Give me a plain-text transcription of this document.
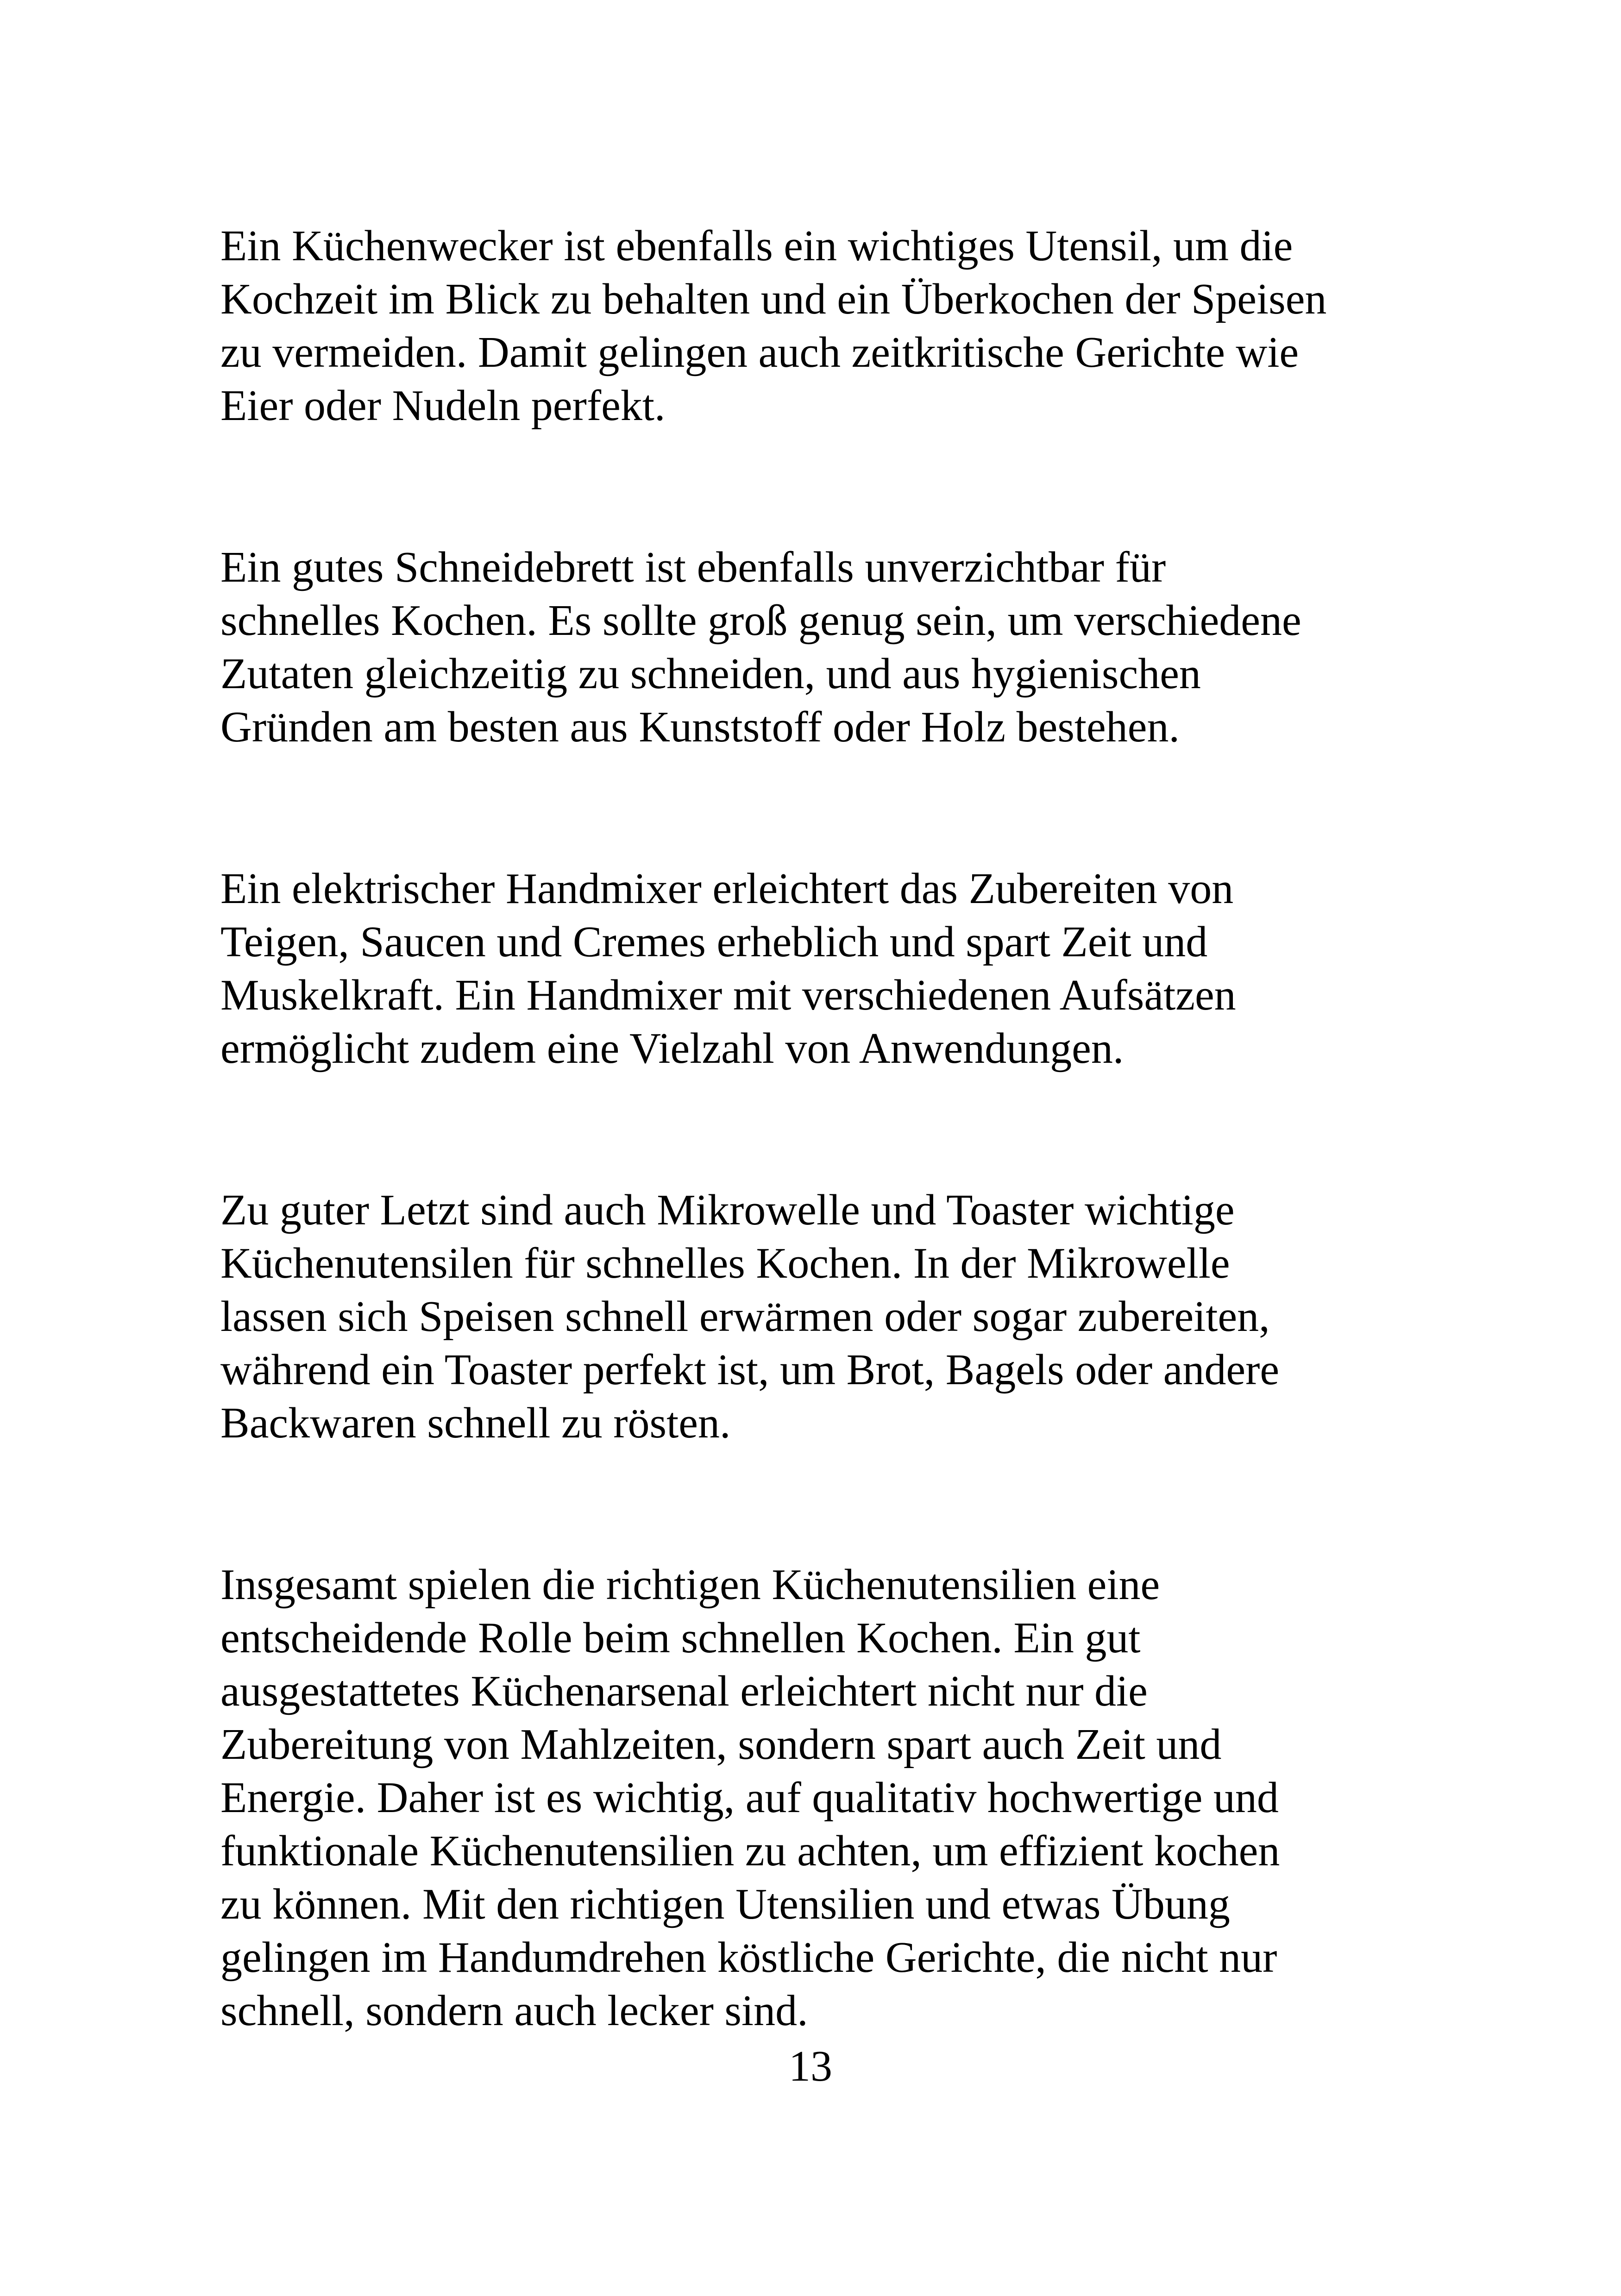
Ein Küchenwecker ist ebenfalls ein wichtiges Utensil, um die
Kochzeit im Blick zu behalten und ein Überkochen der Speisen
zu vermeiden. Damit gelingen auch zeitkritische Gerichte wie
Eier oder Nudeln perfekt.

Ein gutes Schneidebrett ist ebenfalls unverzichtbar für
schnelles Kochen. Es sollte groß genug sein, um verschiedene
Zutaten gleichzeitig zu schneiden, und aus hygienischen
Gründen am besten aus Kunststoff oder Holz bestehen.

Ein elektrischer Handmixer erleichtert das Zubereiten von
Teigen, Saucen und Cremes erheblich und spart Zeit und
Muskelkraft. Ein Handmixer mit verschiedenen Aufsätzen
ermöglicht zudem eine Vielzahl von Anwendungen.

Zu guter Letzt sind auch Mikrowelle und Toaster wichtige
Küchenutensilen für schnelles Kochen. In der Mikrowelle
lassen sich Speisen schnell erwärmen oder sogar zubereiten,
während ein Toaster perfekt ist, um Brot, Bagels oder andere
Backwaren schnell zu rösten.

Insgesamt spielen die richtigen Küchenutensilien eine
entscheidende Rolle beim schnellen Kochen. Ein gut
ausgestattetes Küchenarsenal erleichtert nicht nur die
Zubereitung von Mahlzeiten, sondern spart auch Zeit und
Energie. Daher ist es wichtig, auf qualitativ hochwertige und
funktionale Küchenutensilien zu achten, um effizient kochen
zu können. Mit den richtigen Utensilien und etwas Übung
gelingen im Handumdrehen köstliche Gerichte, die nicht nur
schnell, sondern auch lecker sind.

13
